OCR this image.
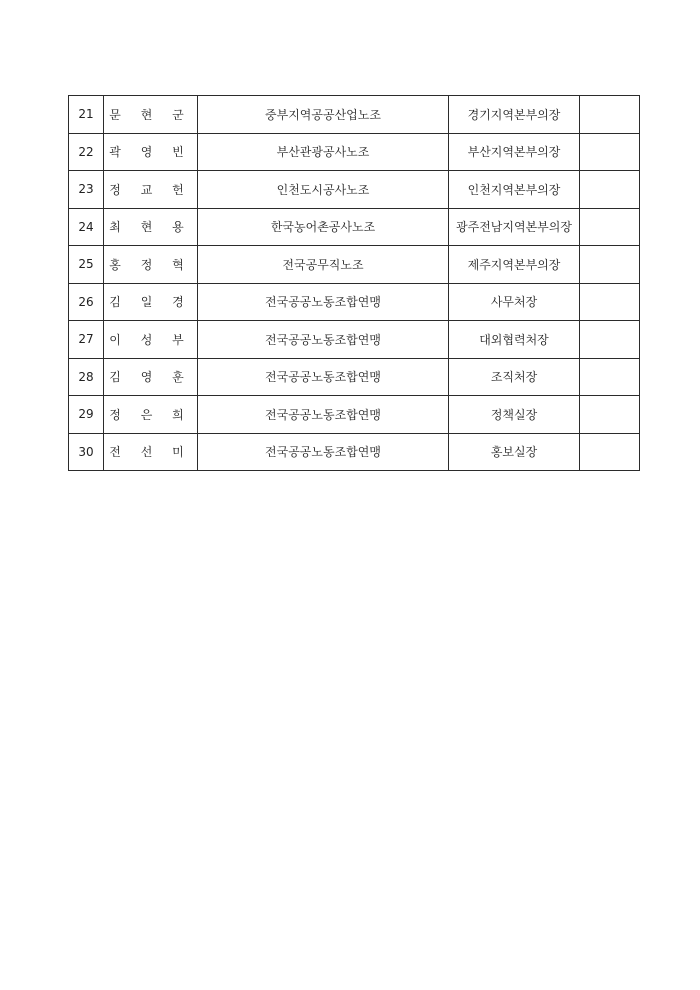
21	문 현 군	중부지역공공산업노조	경기지역본부의장	
22	곽 영 빈	부산관광공사노조	부산지역본부의장	
23	정 교 헌	인천도시공사노조	인천지역본부의장	
24	최 현 용	한국농어촌공사노조	광주전남지역본부의장	
25	홍 정 혁	전국공무직노조	제주지역본부의장	
26	김 일 경	전국공공노동조합연맹	사무처장	
27	이 성 부	전국공공노동조합연맹	대외협력처장	
28	김 영 훈	전국공공노동조합연맹	조직처장	
29	정 은 희	전국공공노동조합연맹	정책실장	
30	전 선 미	전국공공노동조합연맹	홍보실장	
